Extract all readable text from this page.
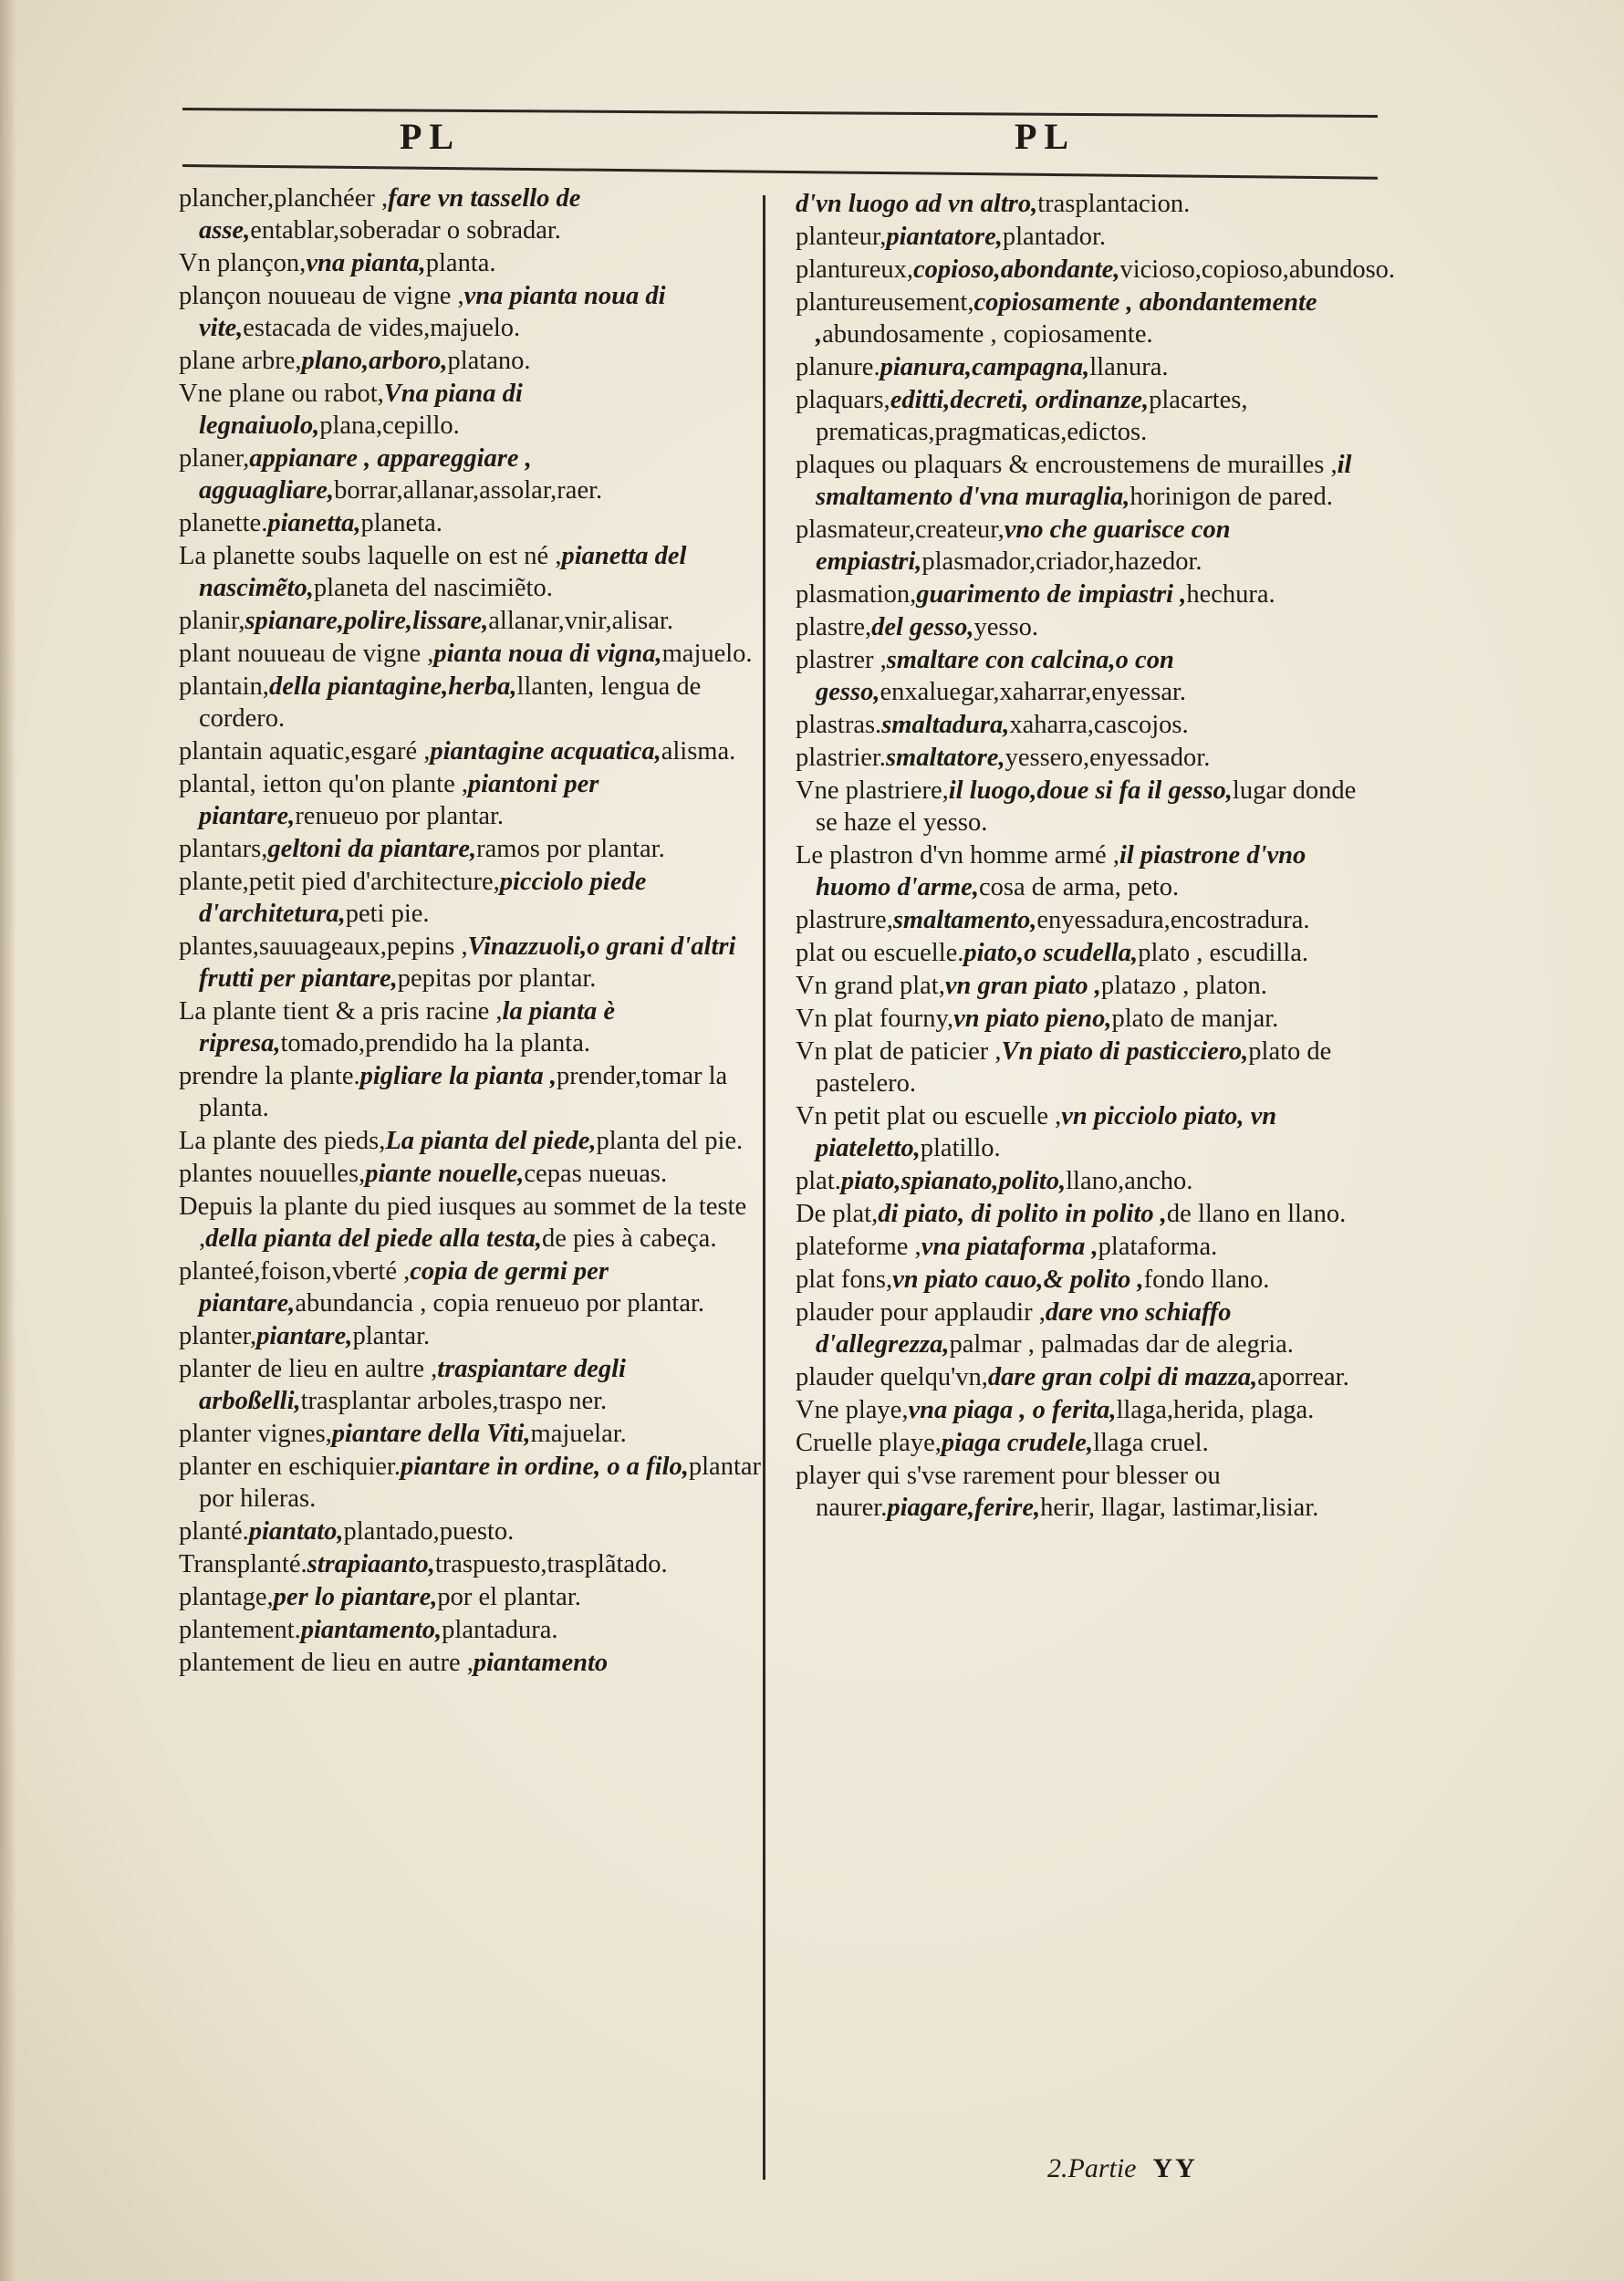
PL	PL
plancher,planchéer ,fare vn tassello de asse,entablar,soberadar o sobradar.
Vn plançon,vna pianta,planta.
plançon nouueau de vigne ,vna pianta noua di vite,estacada de vides,majuelo.
plane arbre,plano,arboro,platano.
Vne plane ou rabot,Vna piana di legnaiuolo,plana,cepillo.
planer,appianare , appareggiare , agguagliare,borrar,allanar,assolar,raer.
planette.pianetta,planeta.
La planette soubs laquelle on est né ,pianetta del nascimẽto,planeta del nascimiẽto.
planir,spianare,polire,lissare,allanar,vnir,alisar.
plant nouueau de vigne ,pianta noua di vigna,majuelo.
plantain,della piantagine,herba,llanten, lengua de cordero.
plantain aquatic,esgaré ,piantagine acquatica,alisma.
plantal, ietton qu'on plante ,piantoni per piantare,renueuo por plantar.
plantars,geltoni da piantare,ramos por plantar.
plante,petit pied d'architecture,picciolo piede d'architetura,peti pie.
plantes,sauuageaux,pepins ,Vinazzuoli,o grani d'altri frutti per piantare,pepitas por plantar.
La plante tient & a pris racine ,la pianta è ripresa,tomado,prendido ha la planta.
prendre la plante.pigliare la pianta ,prender,tomar la planta.
La plante des pieds,La pianta del piede,planta del pie.
plantes nouuelles,piante nouelle,cepas nueuas.
Depuis la plante du pied iusques au sommet de la teste ,della pianta del piede alla testa,de pies à cabeça.
planteé,foison,vberté ,copia de germi per piantare,abundancia , copia renueuo por plantar.
planter,piantare,plantar.
planter de lieu en aultre ,traspiantare degli arboßelli,trasplantar arboles,traspo ner.
planter vignes,piantare della Viti,majuelar.
planter en eschiquier.piantare in ordine, o a filo,plantar por hileras.
planté.piantato,plantado,puesto.
Transplanté.strapiaanto,traspuesto,trasplãtado.
plantage,per lo piantare,por el plantar.
plantement.piantamento,plantadura.
plantement de lieu en autre ,piantamento
d'vn luogo ad vn altro,trasplantacion.
planteur,piantatore,plantador.
plantureux,copioso,abondante,vicioso,copioso,abundoso.
plantureusement,copiosamente , abondantemente ,abundosamente , copiosamente.
planure.pianura,campagna,llanura.
plaquars,editti,decreti, ordinanze,placartes, prematicas,pragmaticas,edictos.
plaques ou plaquars & encroustemens de murailles ,il smaltamento d'vna muraglia,horinigon de pared.
plasmateur,createur,vno che guarisce con empiastri,plasmador,criador,hazedor.
plasmation,guarimento de impiastri ,hechura.
plastre,del gesso,yesso.
plastrer ,smaltare con calcina,o con gesso,enxaluegar,xaharrar,enyessar.
plastras.smaltadura,xaharra,cascojos.
plastrier.smaltatore,yessero,enyessador.
Vne plastriere,il luogo,doue si fa il gesso,lugar donde se haze el yesso.
Le plastron d'vn homme armé ,il piastrone d'vno huomo d'arme,cosa de arma, peto.
plastrure,smaltamento,enyessadura,encostradura.
plat ou escuelle.piato,o scudella,plato , escudilla.
Vn grand plat,vn gran piato ,platazo , platon.
Vn plat fourny,vn piato pieno,plato de manjar.
Vn plat de paticier ,Vn piato di pasticciero,plato de pastelero.
Vn petit plat ou escuelle ,vn picciolo piato, vn piateletto,platillo.
plat.piato,spianato,polito,llano,ancho.
De plat,di piato, di polito in polito ,de llano en llano.
plateforme ,vna piataforma ,plataforma.
plat fons,vn piato cauo,& polito ,fondo llano.
plauder pour applaudir ,dare vno schiaffo d'allegrezza,palmar , palmadas dar de alegria.
plauder quelqu'vn,dare gran colpi di mazza,aporrear.
Vne playe,vna piaga , o ferita,llaga,herida, plaga.
Cruelle playe,piaga crudele,llaga cruel.
player qui s'vse rarement pour blesser ou naurer.piagare,ferire,herir, llagar, lastimar,lisiar.
2.Partie YY
